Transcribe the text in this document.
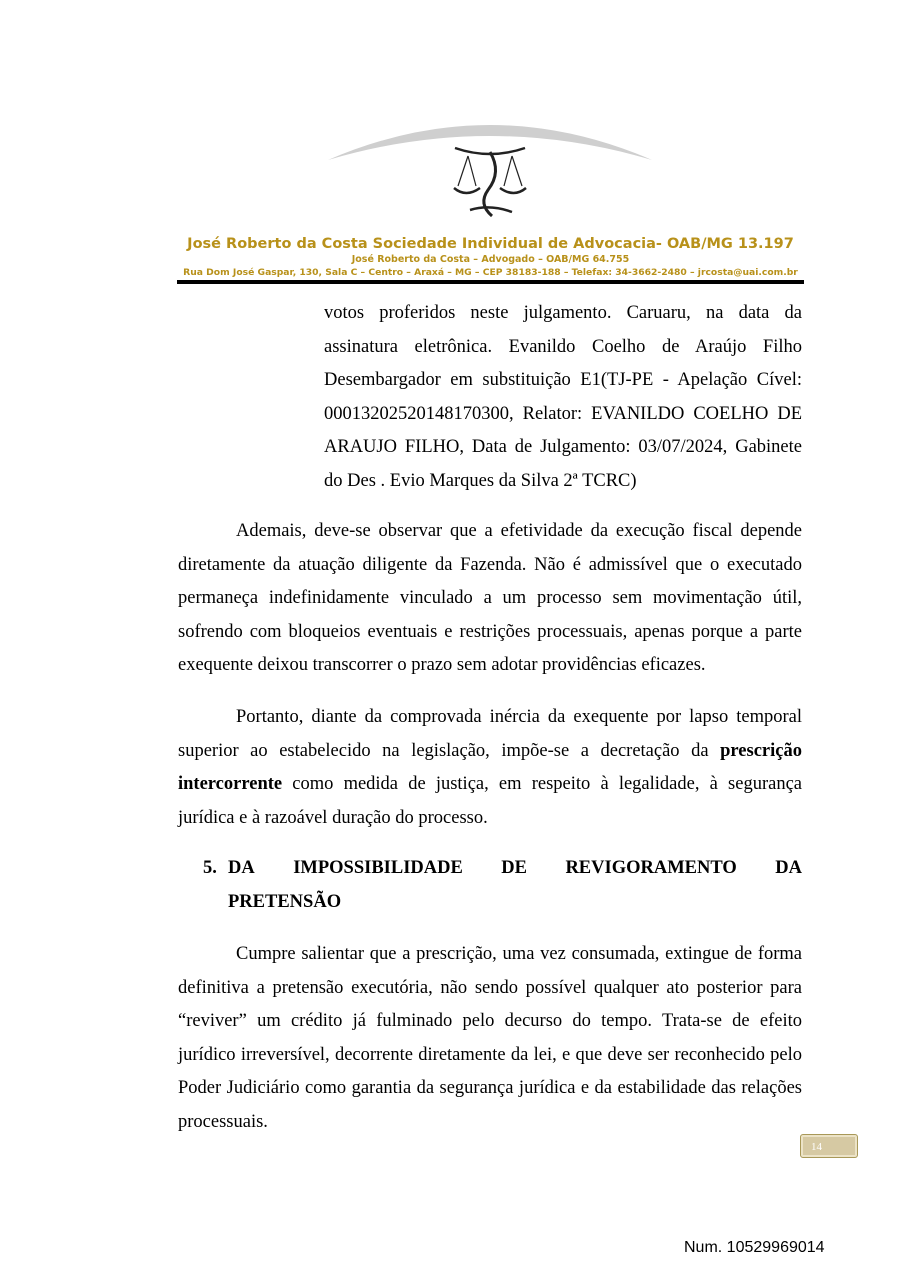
José Roberto da Costa Sociedade Individual de Advocacia- OAB/MG 13.197
José Roberto da Costa – Advogado – OAB/MG 64.755
Rua Dom José Gaspar, 130, Sala C – Centro – Araxá – MG – CEP 38183-188 – Telefax: 34-3662-2480 – jrcosta@uai.com.br

votos proferidos neste julgamento. Caruaru, na data da assinatura eletrônica. Evanildo Coelho de Araújo Filho Desembargador em substituição E1(TJ-PE - Apelação Cível: 00013202520148170300, Relator: EVANILDO COELHO DE ARAUJO FILHO, Data de Julgamento: 03/07/2024, Gabinete do Des . Evio Marques da Silva 2ª TCRC)

Ademais, deve-se observar que a efetividade da execução fiscal depende diretamente da atuação diligente da Fazenda. Não é admissível que o executado permaneça indefinidamente vinculado a um processo sem movimentação útil, sofrendo com bloqueios eventuais e restrições processuais, apenas porque a parte exequente deixou transcorrer o prazo sem adotar providências eficazes.

Portanto, diante da comprovada inércia da exequente por lapso temporal superior ao estabelecido na legislação, impõe-se a decretação da prescrição intercorrente como medida de justiça, em respeito à legalidade, à segurança jurídica e à razoável duração do processo.

5. DA IMPOSSIBILIDADE DE REVIGORAMENTO DA
PRETENSÃO

Cumpre salientar que a prescrição, uma vez consumada, extingue de forma definitiva a pretensão executória, não sendo possível qualquer ato posterior para “reviver” um crédito já fulminado pelo decurso do tempo. Trata-se de efeito jurídico irreversível, decorrente diretamente da lei, e que deve ser reconhecido pelo Poder Judiciário como garantia da segurança jurídica e da estabilidade das relações processuais.

14
Num. 10529969014
